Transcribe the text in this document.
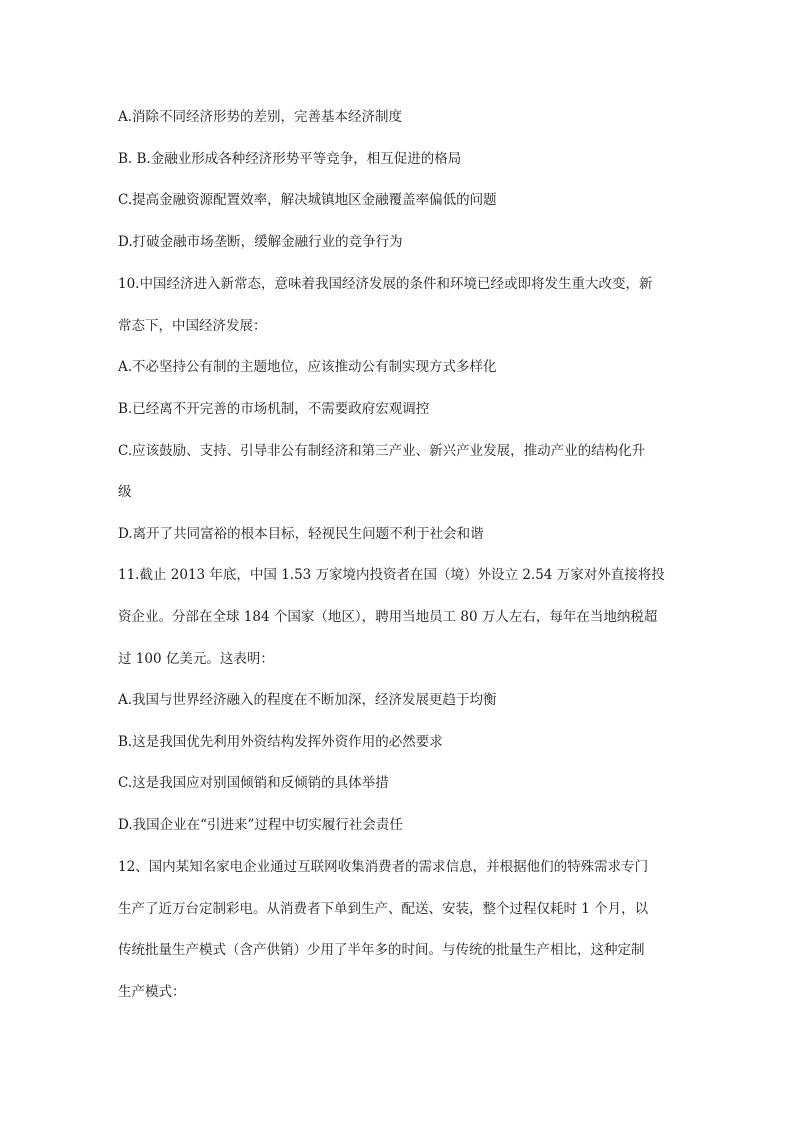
A.消除不同经济形势的差别，完善基本经济制度
B. B.金融业形成各种经济形势平等竞争，相互促进的格局
C.提高金融资源配置效率，解决城镇地区金融覆盖率偏低的问题
D.打破金融市场垄断，缓解金融行业的竞争行为
10.中国经济进入新常态，意味着我国经济发展的条件和环境已经或即将发生重大改变，新
常态下，中国经济发展：
A.不必坚持公有制的主题地位，应该推动公有制实现方式多样化
B.已经离不开完善的市场机制，不需要政府宏观调控
C.应该鼓励、支持、引导非公有制经济和第三产业、新兴产业发展，推动产业的结构化升
级
D.离开了共同富裕的根本目标，轻视民生问题不利于社会和谐
11.截止 2013 年底，中国 1.53 万家境内投资者在国（境）外设立 2.54 万家对外直接将投
资企业。分部在全球 184 个国家（地区），聘用当地员工 80 万人左右，每年在当地纳税超
过 100 亿美元。这表明：
A.我国与世界经济融入的程度在不断加深，经济发展更趋于均衡
B.这是我国优先利用外资结构发挥外资作用的必然要求
C.这是我国应对别国倾销和反倾销的具体举措
D.我国企业在“引进来”过程中切实履行社会责任
12、国内某知名家电企业通过互联网收集消费者的需求信息，并根据他们的特殊需求专门
生产了近万台定制彩电。从消费者下单到生产、配送、安装，整个过程仅耗时 1 个月，以
传统批量生产模式（含产供销）少用了半年多的时间。与传统的批量生产相比，这种定制
生产模式：
